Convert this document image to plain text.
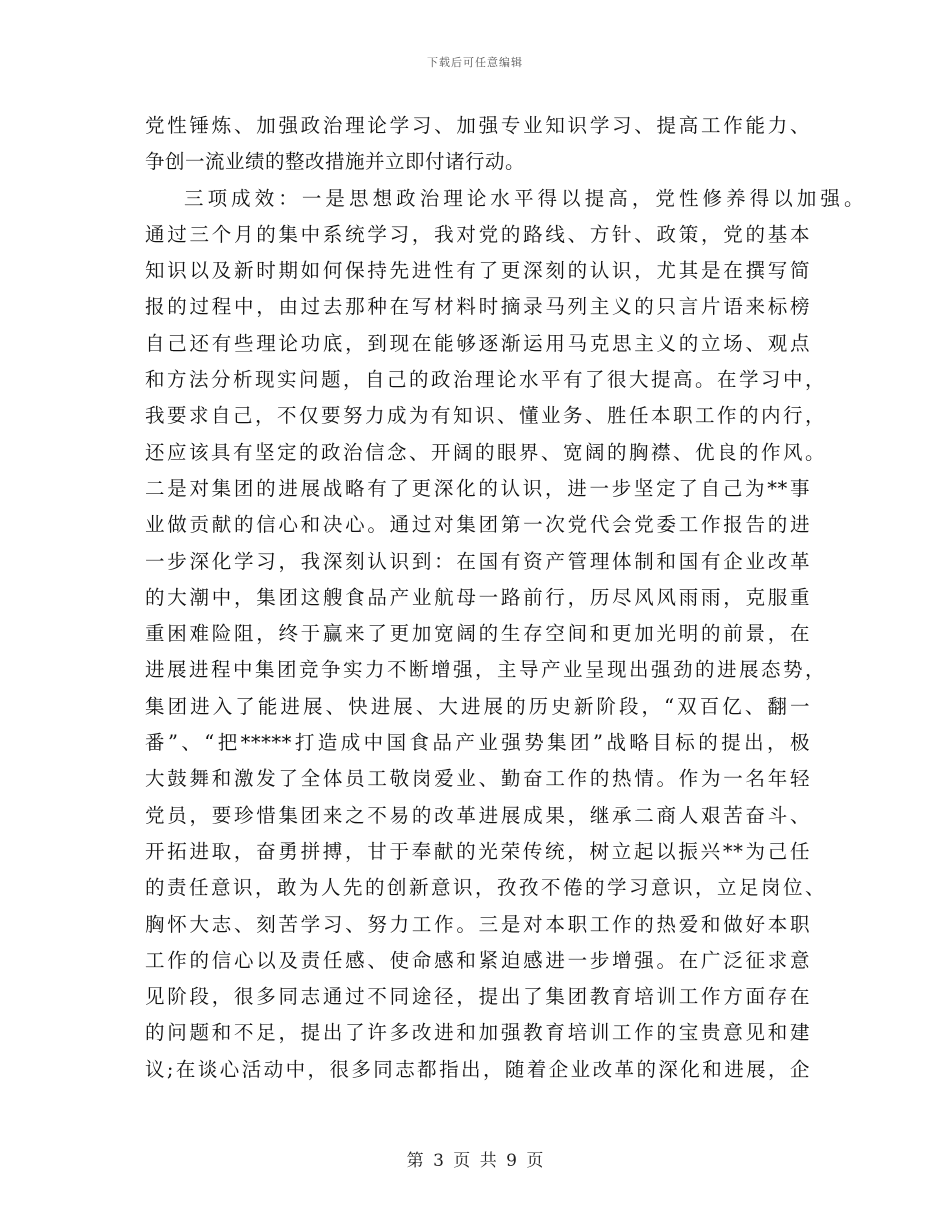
下载后可任意编辑
党性锤炼、加强政治理论学习、加强专业知识学习、提高工作能力、
争创一流业绩的整改措施并立即付诸行动。
三项成效：一是思想政治理论水平得以提高，党性修养得以加强。
通过三个月的集中系统学习，我对党的路线、方针、政策，党的基本
知识以及新时期如何保持先进性有了更深刻的认识，尤其是在撰写简
报的过程中，由过去那种在写材料时摘录马列主义的只言片语来标榜
自己还有些理论功底，到现在能够逐渐运用马克思主义的立场、观点
和方法分析现实问题，自己的政治理论水平有了很大提高。在学习中，
我要求自己，不仅要努力成为有知识、懂业务、胜任本职工作的内行，
还应该具有坚定的政治信念、开阔的眼界、宽阔的胸襟、优良的作风。
二是对集团的进展战略有了更深化的认识，进一步坚定了自己为**事
业做贡献的信心和决心。通过对集团第一次党代会党委工作报告的进
一步深化学习，我深刻认识到：在国有资产管理体制和国有企业改革
的大潮中，集团这艘食品产业航母一路前行，历尽风风雨雨，克服重
重困难险阻，终于赢来了更加宽阔的生存空间和更加光明的前景，在
进展进程中集团竞争实力不断增强，主导产业呈现出强劲的进展态势，
集团进入了能进展、快进展、大进展的历史新阶段，“双百亿、翻一
番”、“把*****打造成中国食品产业强势集团”战略目标的提出，极
大鼓舞和激发了全体员工敬岗爱业、勤奋工作的热情。作为一名年轻
党员，要珍惜集团来之不易的改革进展成果，继承二商人艰苦奋斗、
开拓进取，奋勇拼搏，甘于奉献的光荣传统，树立起以振兴**为己任
的责任意识，敢为人先的创新意识，孜孜不倦的学习意识，立足岗位、
胸怀大志、刻苦学习、努力工作。三是对本职工作的热爱和做好本职
工作的信心以及责任感、使命感和紧迫感进一步增强。在广泛征求意
见阶段，很多同志通过不同途径，提出了集团教育培训工作方面存在
的问题和不足，提出了许多改进和加强教育培训工作的宝贵意见和建
议;在谈心活动中，很多同志都指出，随着企业改革的深化和进展，企
第 3 页 共 9 页
